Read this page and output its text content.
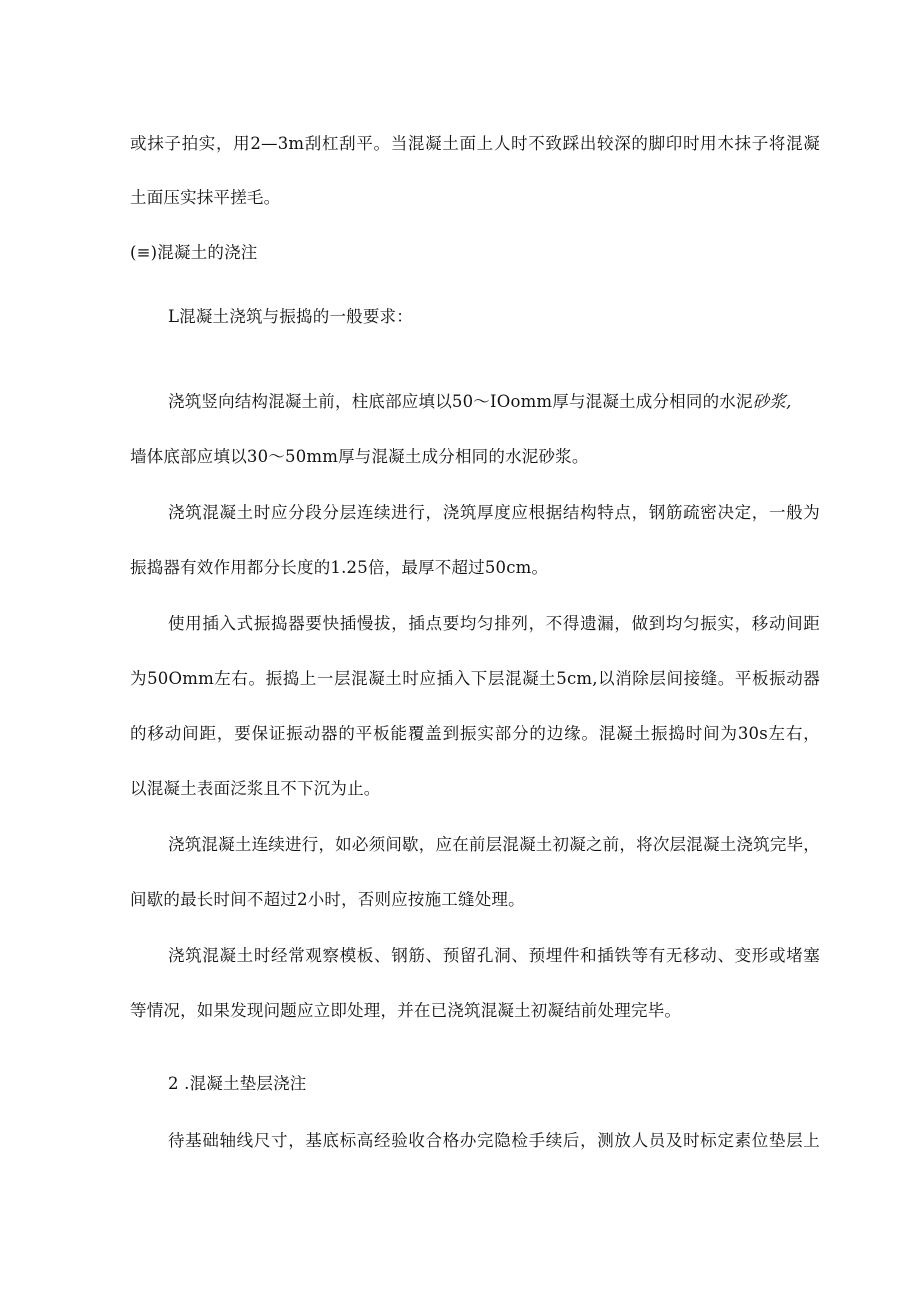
或抹子拍实，用2—3m刮杠刮平。当混凝土面上人时不致踩出较深的脚印时用木抹子将混凝
土面压实抹平搓毛。
(≡)混凝土的浇注
L混凝土浇筑与振捣的一般要求：
浇筑竖向结构混凝土前，柱底部应填以50～IOomm厚与混凝土成分相同的水泥砂浆,
墙体底部应填以30～50mm厚与混凝土成分相同的水泥砂浆。
浇筑混凝土时应分段分层连续进行，浇筑厚度应根据结构特点，钢筋疏密决定，一般为
振捣器有效作用都分长度的1.25倍，最厚不超过50cm。
使用插入式振捣器要快插慢拔，插点要均匀排列，不得遗漏，做到均匀振实，移动间距
为50Omm左右。振捣上一层混凝土时应插入下层混凝土5cm,以消除层间接缝。平板振动器
的移动间距，要保证振动器的平板能覆盖到振实部分的边缘。混凝土振捣时间为30s左右，
以混凝土表面泛浆且不下沉为止。
浇筑混凝土连续进行，如必须间歇，应在前层混凝土初凝之前，将次层混凝土浇筑完毕，
间歇的最长时间不超过2小时，否则应按施工缝处理。
浇筑混凝土时经常观察模板、钢筋、预留孔洞、预埋件和插铁等有无移动、变形或堵塞
等情况，如果发现问题应立即处理，并在已浇筑混凝土初凝结前处理完毕。
2 .混凝土垫层浇注
待基础轴线尺寸，基底标高经验收合格办完隐检手续后，测放人员及时标定素位垫层上
